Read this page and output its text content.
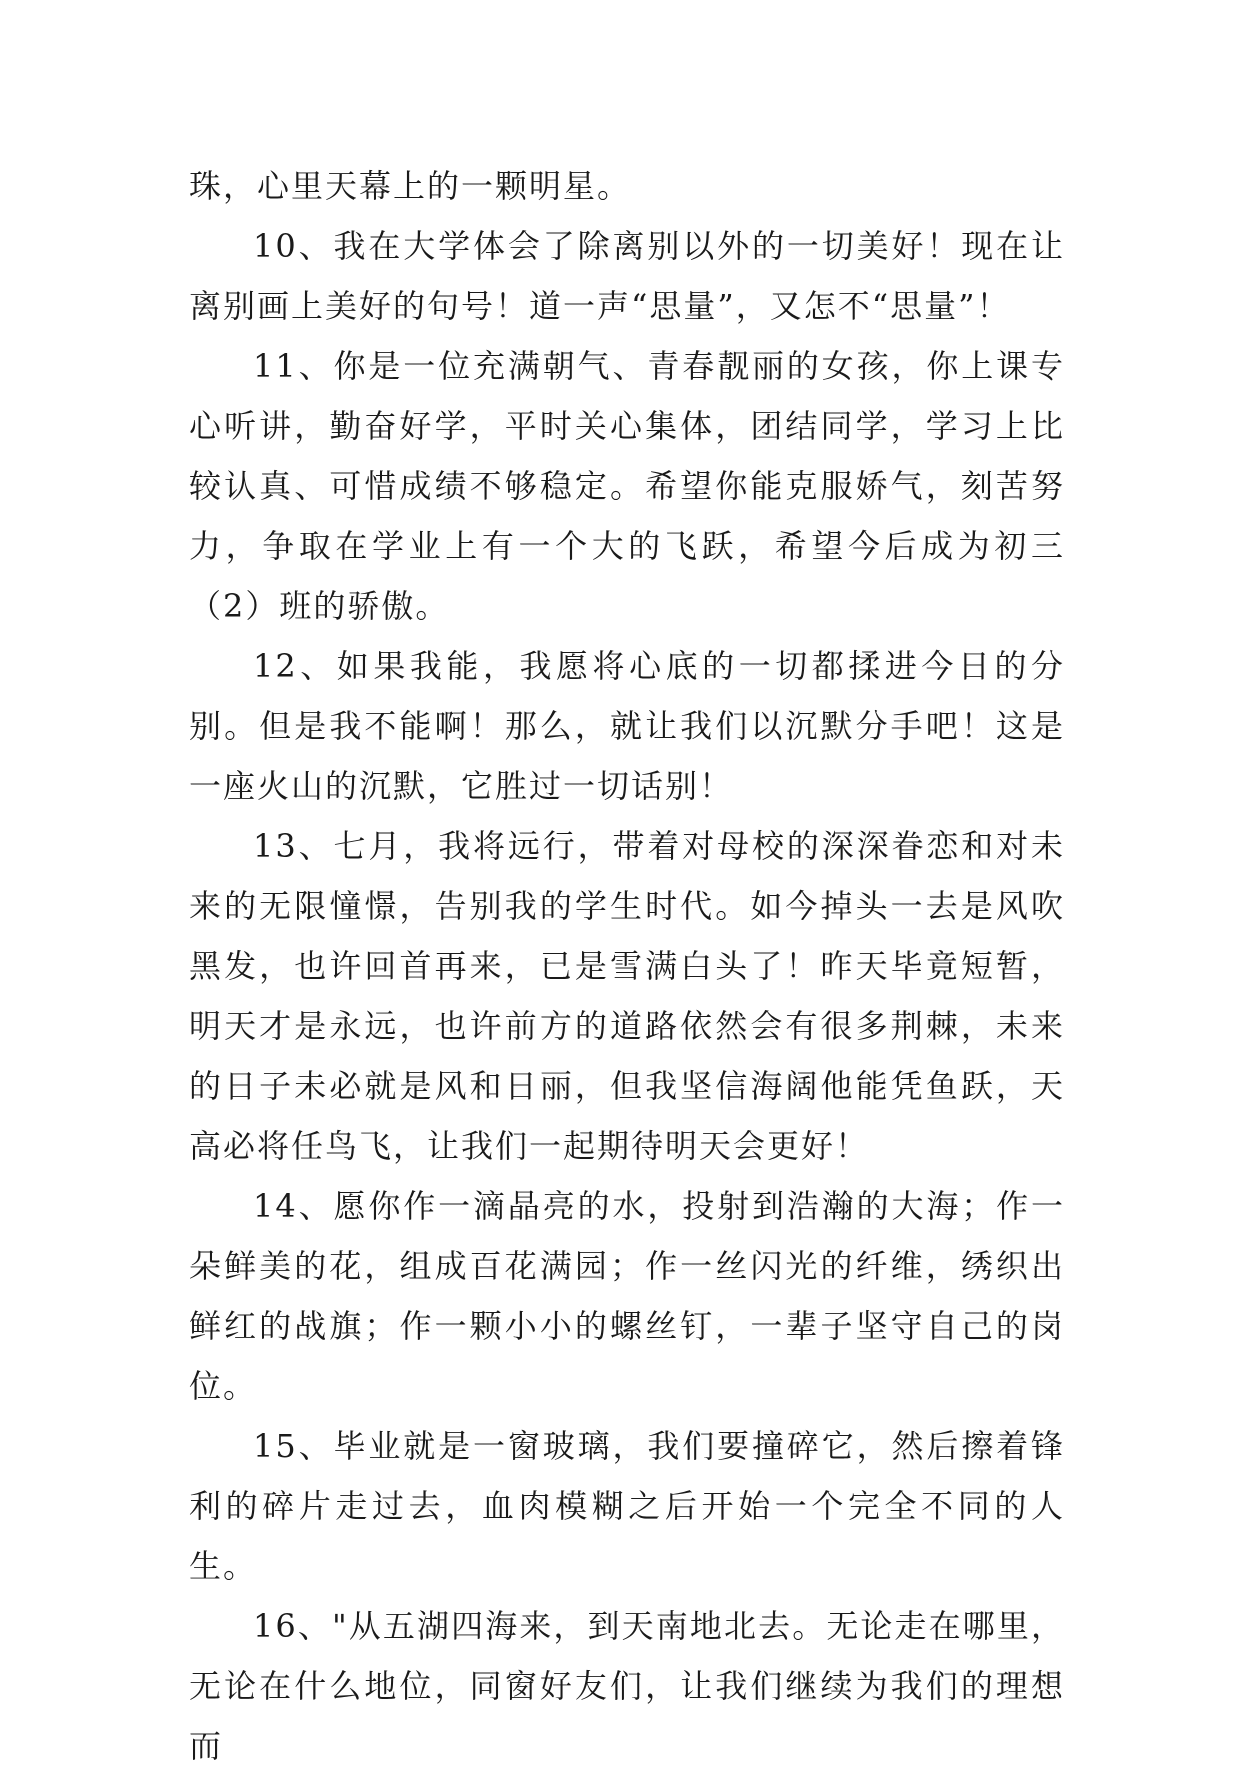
珠，心里天幕上的一颗明星。

10、我在大学体会了除离别以外的一切美好！现在让离别画上美好的句号！道一声“思量”，又怎不“思量”！

11、你是一位充满朝气、青春靓丽的女孩，你上课专心听讲，勤奋好学，平时关心集体，团结同学，学习上比较认真、可惜成绩不够稳定。希望你能克服娇气，刻苦努力，争取在学业上有一个大的飞跃，希望今后成为初三（2）班的骄傲。

12、如果我能，我愿将心底的一切都揉进今日的分别。但是我不能啊！那么，就让我们以沉默分手吧！这是一座火山的沉默，它胜过一切话别！

13、七月，我将远行，带着对母校的深深眷恋和对未来的无限憧憬，告别我的学生时代。如今掉头一去是风吹黑发，也许回首再来，已是雪满白头了！昨天毕竟短暂，明天才是永远，也许前方的道路依然会有很多荆棘，未来的日子未必就是风和日丽，但我坚信海阔他能凭鱼跃，天高必将任鸟飞，让我们一起期待明天会更好！

14、愿你作一滴晶亮的水，投射到浩瀚的大海；作一朵鲜美的花，组成百花满园；作一丝闪光的纤维，绣织出鲜红的战旗；作一颗小小的螺丝钉，一辈子坚守自己的岗位。

15、毕业就是一窗玻璃，我们要撞碎它，然后擦着锋利的碎片走过去，血肉模糊之后开始一个完全不同的人生。

16、"从五湖四海来，到天南地北去。无论走在哪里，无论在什么地位，同窗好友们，让我们继续为我们的理想而
